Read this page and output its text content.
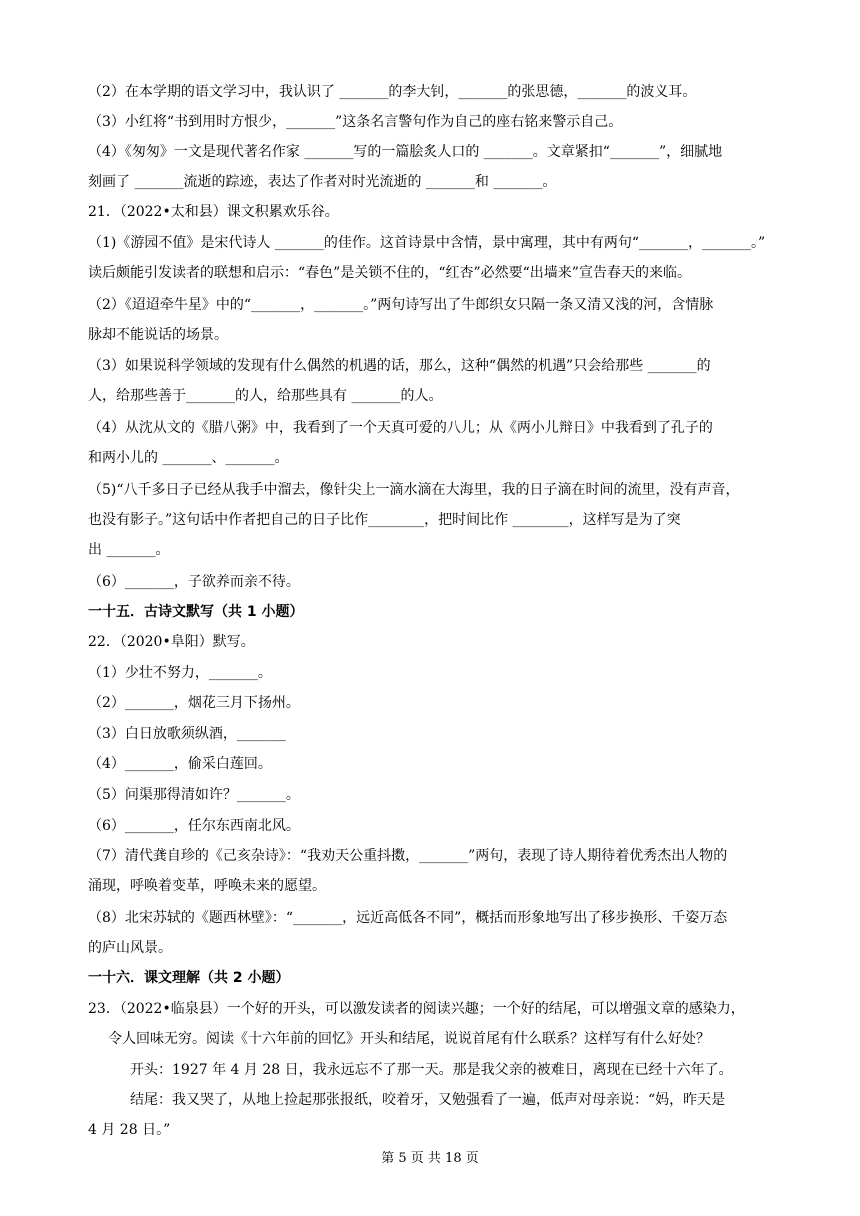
（2）在本学期的语文学习中，我认识了 _______的李大钊，_______的张思德，_______的波义耳。
（3）小红将“书到用时方恨少，_______”这条名言警句作为自己的座右铭来警示自己。
（4）《匆匆》一文是现代著名作家 _______写的一篇脍炙人口的 _______。文章紧扣“_______”，细腻地
刻画了 _______流逝的踪迹，表达了作者对时光流逝的 _______和 _______。
21．（2022•太和县）课文积累欢乐谷。
（1)《游园不值》是宋代诗人 _______的佳作。这首诗景中含情，景中寓理，其中有两句“_______，_______。”
读后颇能引发读者的联想和启示：“春色”是关锁不住的，“红杏”必然要“出墙来”宣告春天的来临。
（2）《迢迢牵牛星》中的“_______，_______。”两句诗写出了牛郎织女只隔一条又清又浅的河，含情脉
脉却不能说话的场景。
（3）如果说科学领域的发现有什么偶然的机遇的话，那么，这种“偶然的机遇”只会给那些 _______的
人，给那些善于_______的人，给那些具有 _______的人。
（4）从沈从文的《腊八粥》中，我看到了一个天真可爱的八儿；从《两小儿辩日》中我看到了孔子的
和两小儿的 _______、_______。
（5)“八千多日子已经从我手中溜去，像针尖上一滴水滴在大海里，我的日子滴在时间的流里，没有声音，
也没有影子。”这句话中作者把自己的日子比作________，把时间比作 ________，这样写是为了突
出 _______。
（6）_______，子欲养而亲不待。
一十五．古诗文默写（共 1 小题）
22．（2020•阜阳）默写。
（1）少壮不努力，_______。
（2）_______，烟花三月下扬州。
（3）白日放歌须纵酒，_______
（4）_______，偷采白莲回。
（5）问渠那得清如许？_______。
（6）_______，任尔东西南北风。
（7）清代龚自珍的《己亥杂诗》：“我劝天公重抖擞，_______”两句，表现了诗人期待着优秀杰出人物的
涌现，呼唤着变革，呼唤未来的愿望。
（8）北宋苏轼的《题西林壁》：“_______，远近高低各不同”，概括而形象地写出了移步换形、千姿万态
的庐山风景。
一十六．课文理解（共 2 小题）
23．（2022•临泉县）一个好的开头，可以激发读者的阅读兴趣；一个好的结尾，可以增强文章的感染力，
令人回味无穷。阅读《十六年前的回忆》开头和结尾，说说首尾有什么联系？这样写有什么好处？
开头：1927 年 4 月 28 日，我永远忘不了那一天。那是我父亲的被难日，离现在已经十六年了。
结尾：我又哭了，从地上捡起那张报纸，咬着牙，又勉强看了一遍，低声对母亲说：“妈，昨天是
4 月 28 日。”
第 5 页 共 18 页
